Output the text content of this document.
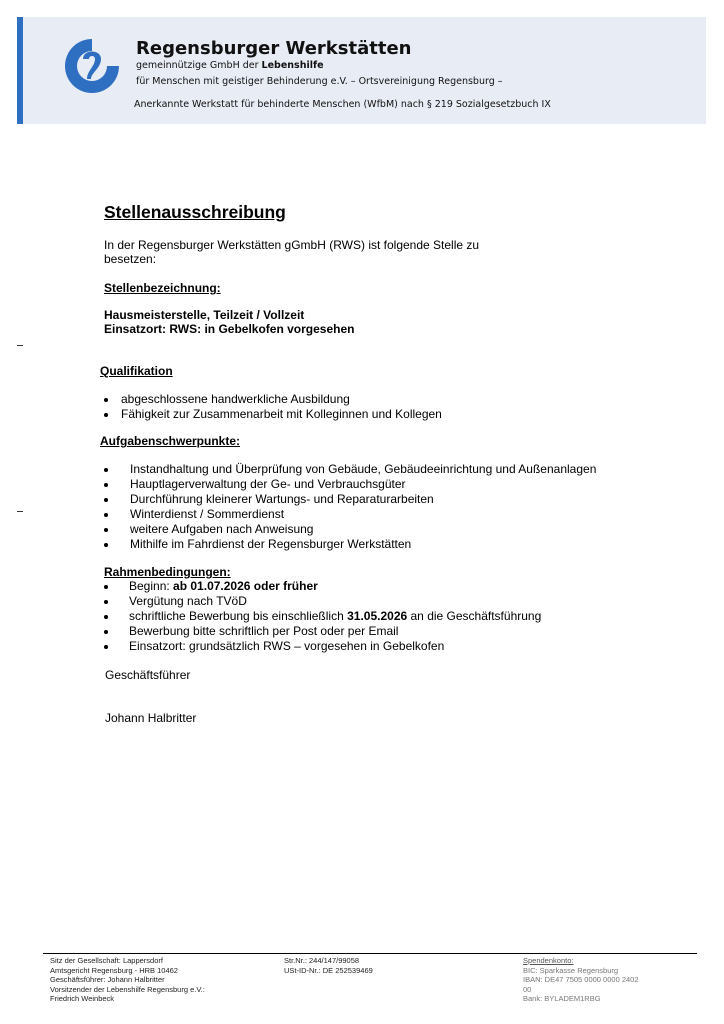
Regensburger Werkstätten
gemeinnützige GmbH der Lebenshilfe
für Menschen mit geistiger Behinderung e.V. – Ortsvereinigung Regensburg –
Anerkannte Werkstatt für behinderte Menschen (WfbM) nach § 219 Sozialgesetzbuch IX
Stellenausschreibung
In der Regensburger Werkstätten gGmbH (RWS) ist folgende Stelle zu besetzen:
Stellenbezeichnung:
Hausmeisterstelle, Teilzeit / Vollzeit
Einsatzort: RWS: in Gebelkofen vorgesehen
Qualifikation
abgeschlossene handwerkliche Ausbildung
Fähigkeit zur Zusammenarbeit mit Kolleginnen und Kollegen
Aufgabenschwerpunkte:
Instandhaltung und Überprüfung von Gebäude, Gebäudeeinrichtung und Außenanlagen
Hauptlagerverwaltung der Ge- und Verbrauchsgüter
Durchführung kleinerer Wartungs- und Reparaturarbeiten
Winterdienst / Sommerdienst
weitere Aufgaben nach Anweisung
Mithilfe im Fahrdienst der Regensburger Werkstätten
Rahmenbedingungen:
Beginn: ab 01.07.2026 oder früher
Vergütung nach TVöD
schriftliche Bewerbung bis einschließlich 31.05.2026 an die Geschäftsführung
Bewerbung bitte schriftlich per Post oder per Email
Einsatzort: grundsätzlich RWS – vorgesehen in Gebelkofen
Geschäftsführer
Johann Halbritter
Sitz der Gesellschaft: Lappersdorf
Amtsgericht Regensburg - HRB 10462
Geschäftsführer: Johann Halbritter
Vorsitzender der Lebenshilfe Regensburg e.V.:
Friedrich Weinbeck
Str.Nr.: 244/147/99058
USt-ID-Nr.: DE 252539469
Spendenkonto:
BIC: Sparkasse Regensburg
IBAN: DE47 7505 0000 0000 2402
00
Bank: BYLADEM1RBG
